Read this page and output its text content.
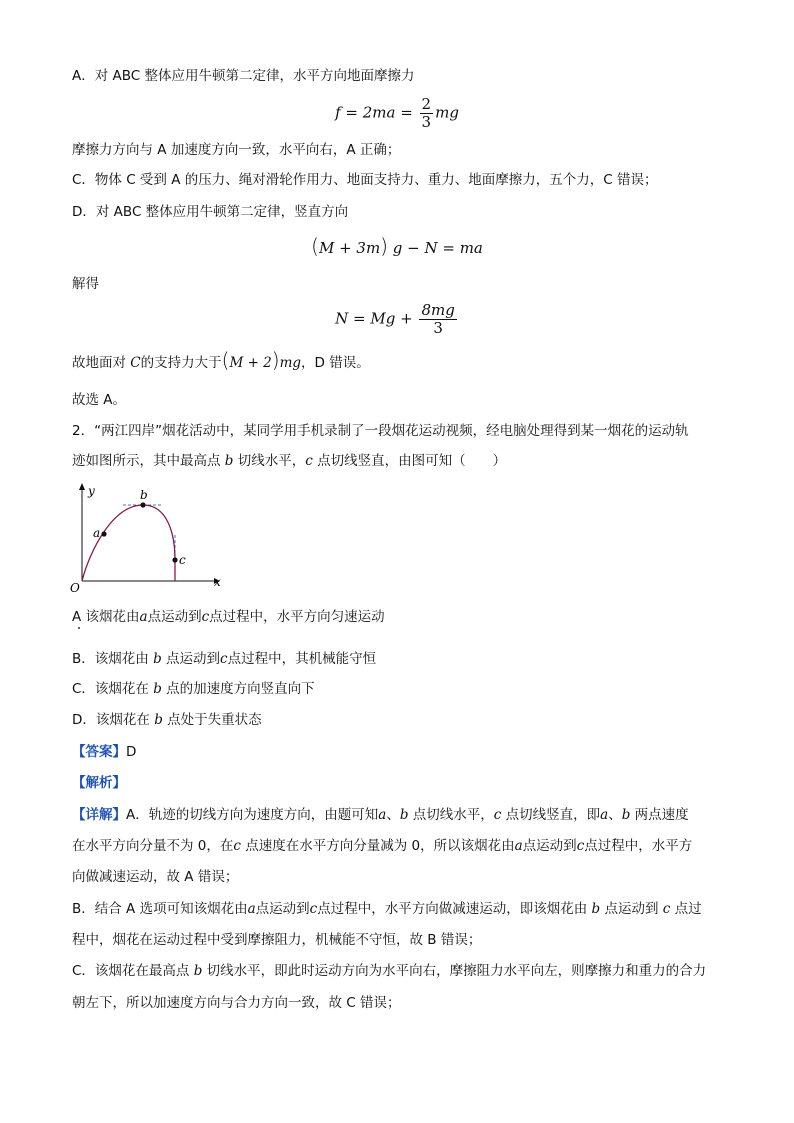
A．对 ABC 整体应用牛顿第二定律，水平方向地面摩擦力
$f = 2ma = \frac{2}{3}$ mg
摩擦力方向与 A 加速度方向一致，水平向右，A 正确；
C．物体 C 受到 A 的压力、绳对滑轮作用力、地面支持力、重力、地面摩擦力，五个力，C 错误；
D．对 ABC 整体应用牛顿第二定律，竖直方向
(M + 3m) g − N = ma
解得
$N = Mg + \frac{8mg}{3}$
故地面对 C的支持力大于(M + 2)mg，D 错误。
故选 A。
2．“两江四岸”烟花活动中，某同学用手机录制了一段烟花运动视频，经电脑处理得到某一烟花的运动轨
迹如图所示，其中最高点 b 切线水平，c 点切线竖直，由图可知（　　）
y
x
O
a
b
c
A 该烟花由a点运动到c点过程中，水平方向匀速运动
B．该烟花由 b 点运动到c点过程中，其机械能守恒
C．该烟花在 b 点的加速度方向竖直向下
D．该烟花在 b 点处于失重状态
【答案】D
【解析】
【详解】A．轨迹的切线方向为速度方向，由题可知a、b 点切线水平，c 点切线竖直，即a、b 两点速度
在水平方向分量不为 0，在c 点速度在水平方向分量减为 0，所以该烟花由a点运动到c点过程中，水平方
向做减速运动，故 A 错误；
B．结合 A 选项可知该烟花由a点运动到c点过程中，水平方向做减速运动，即该烟花由 b 点运动到 c 点过
程中，烟花在运动过程中受到摩擦阻力，机械能不守恒，故 B 错误；
C．该烟花在最高点 b 切线水平，即此时运动方向为水平向右，摩擦阻力水平向左，则摩擦力和重力的合力
朝左下，所以加速度方向与合力方向一致，故 C 错误；
